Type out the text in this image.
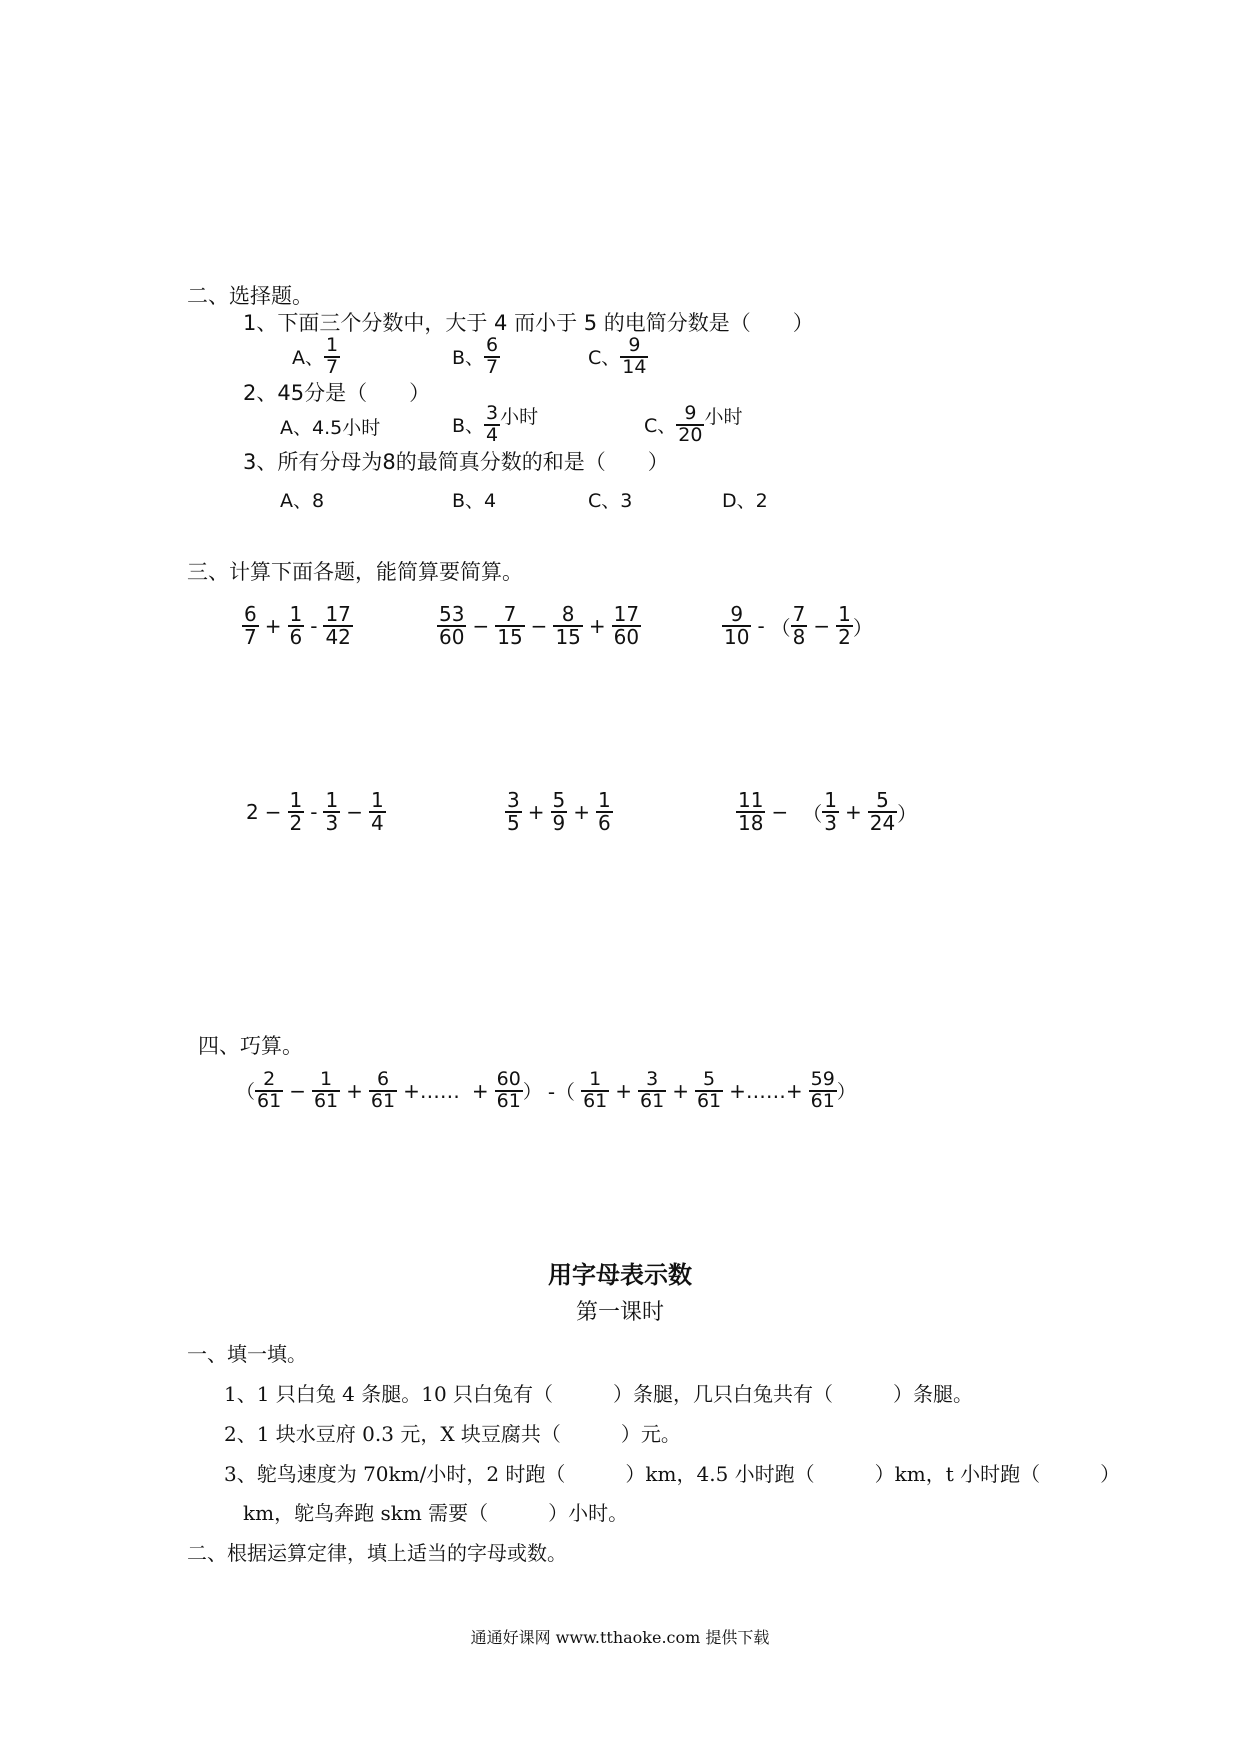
二、选择题。
1、下面三个分数中，大于 4 而小于 5 的电简分数是（　　）
A、 $\frac{1}{7}$	B、 $\frac{6}{7}$	C、 $\frac{9}{14}$
2、45分是（　　）
A、4.5小时	B、 $\frac{3}{4}$ 小时	C、 $\frac{9}{20}$ 小时
3、所有分母为8的最简真分数的和是（　　）
A、8	B、4	C、3	D、2
三、计算下面各题，能简算要简算。
$\frac{6}{7} + \frac{1}{6} - \frac{17}{42}$	$\frac{53}{60} - \frac{7}{15} - \frac{8}{15} + \frac{17}{60}$	$\frac{9}{10}$ - （ $\frac{7}{8} - \frac{1}{2}$ ）
$2 - \frac{1}{2} - \frac{1}{3} - \frac{1}{4}$	$\frac{3}{5} + \frac{5}{9} + \frac{1}{6}$	$\frac{11}{18}$ − （ $\frac{1}{3} + \frac{5}{24}$ ）
四、巧算。
（ $\frac{2}{61} - \frac{1}{61} + \frac{6}{61}$ +…… + $\frac{60}{61}$ ） -（ $\frac{1}{61} + \frac{3}{61} + \frac{5}{61}$ +……+ $\frac{59}{61}$ ）
用字母表示数
第一课时
一、填一填。
1、1 只白兔 4 条腿。10 只白兔有（　　　）条腿，几只白兔共有（　　　）条腿。
2、1 块水豆府 0.3 元，X 块豆腐共（　　　）元。
3、鸵鸟速度为 70km/小时，2 时跑（　　　）km，4.5 小时跑（　　　）km，t 小时跑（　　　）
km，鸵鸟奔跑 skm 需要（　　　）小时。
二、根据运算定律，填上适当的字母或数。
通通好课网 www.tthaoke.com 提供下载
